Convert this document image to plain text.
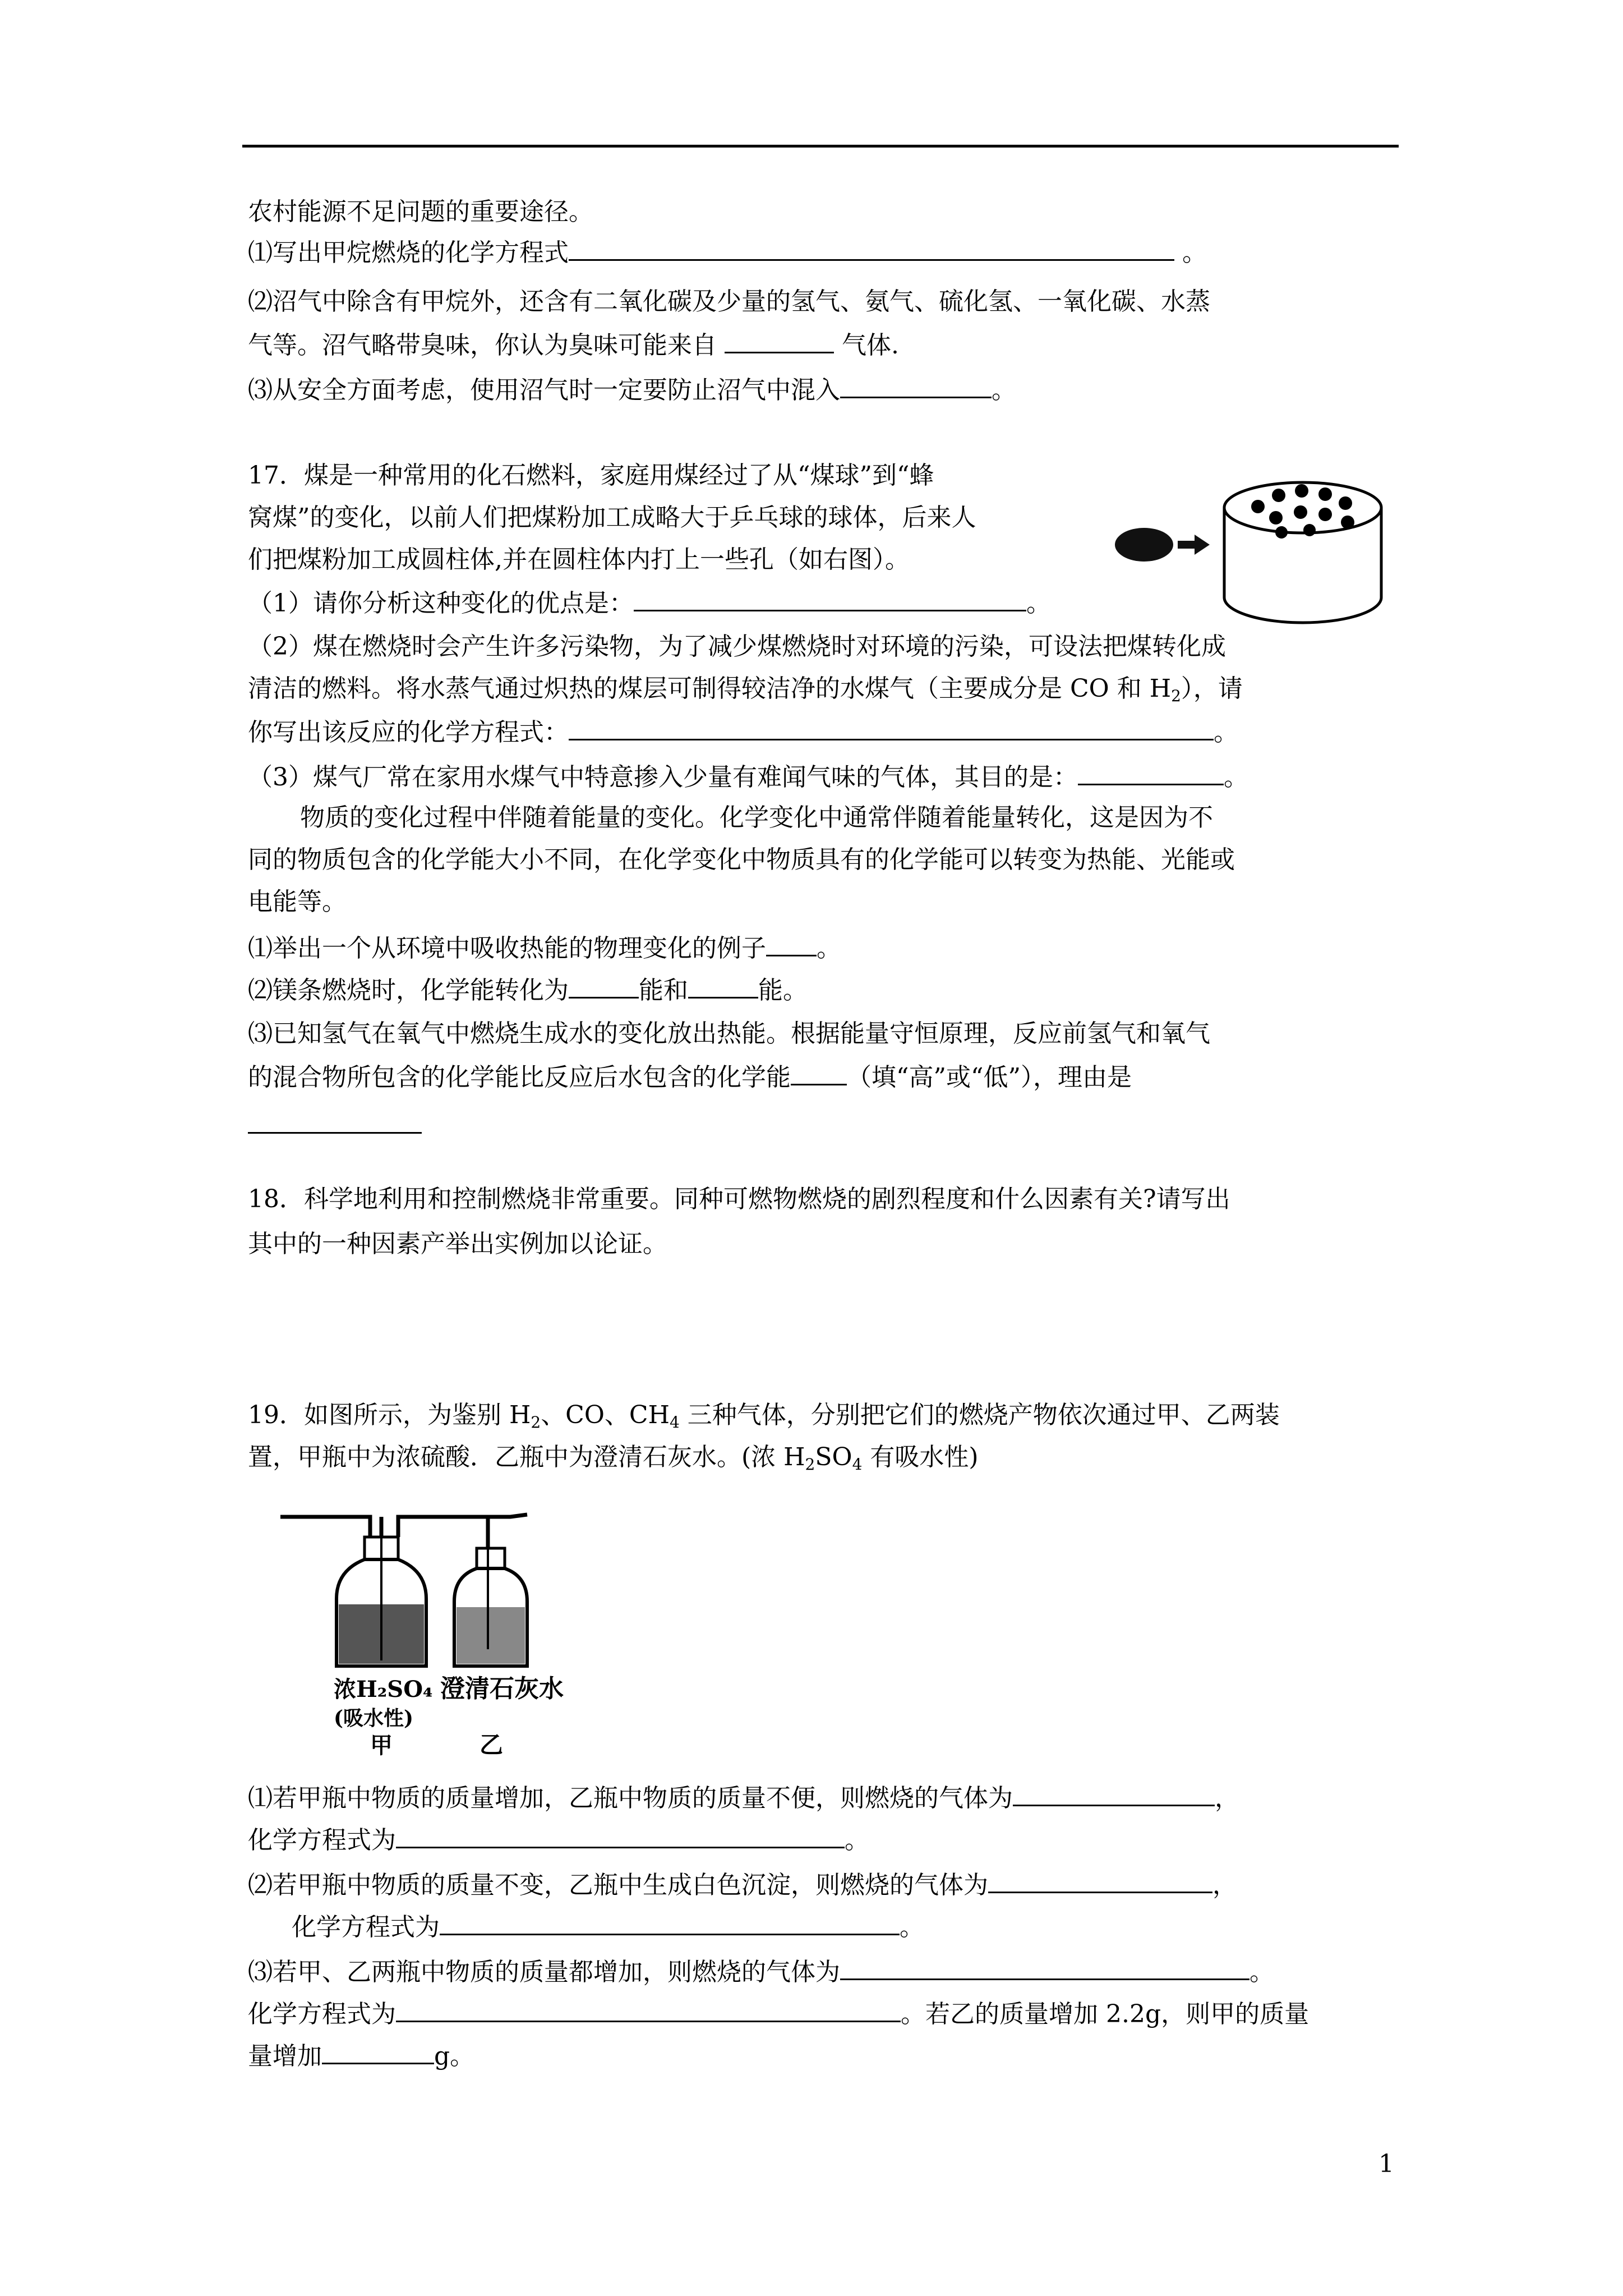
农村能源不足问题的重要途径。
⑴写出甲烷燃烧的化学方程式	。
⑵沼气中除含有甲烷外，还含有二氧化碳及少量的氢气、氨气、硫化氢、一氧化碳、水蒸
气等。沼气略带臭味，你认为臭味可能来自	气体.
⑶从安全方面考虑，使用沼气时一定要防止沼气中混入	。
17．煤是一种常用的化石燃料，家庭用煤经过了从“煤球”到“蜂
窝煤”的变化，以前人们把煤粉加工成略大于乒乓球的球体，后来人
们把煤粉加工成圆柱体,并在圆柱体内打上一些孔（如右图）。
（1）请你分析这种变化的优点是：	。
（2）煤在燃烧时会产生许多污染物，为了减少煤燃烧时对环境的污染，可设法把煤转化成
清洁的燃料。将水蒸气通过炽热的煤层可制得较洁净的水煤气（主要成分是 CO 和 $H_2$），请
你写出该反应的化学方程式：	。
（3）煤气厂常在家用水煤气中特意掺入少量有难闻气味的气体，其目的是：	。
物质的变化过程中伴随着能量的变化。化学变化中通常伴随着能量转化，这是因为不
同的物质包含的化学能大小不同，在化学变化中物质具有的化学能可以转变为热能、光能或
电能等。
⑴举出一个从环境中吸收热能的物理变化的例子 。
⑵镁条燃烧时，化学能转化为	能和	能。
⑶已知氢气在氧气中燃烧生成水的变化放出热能。根据能量守恒原理，反应前氢气和氧气
的混合物所包含的化学能比反应后水包含的化学能 （填“高”或“低”），理由是
18．科学地利用和控制燃烧非常重要。同种可燃物燃烧的剧烈程度和什么因素有关?请写出
其中的一种因素产举出实例加以论证。
19．如图所示，为鉴别 $H_2$、CO、$CH_4$ 三种气体，分别把它们的燃烧产物依次通过甲、乙两装
置，甲瓶中为浓硫酸．乙瓶中为澄清石灰水。(浓 $H_2SO_4$ 有吸水性)
⑴若甲瓶中物质的质量增加，乙瓶中物质的质量不便，则燃烧的气体为	，
化学方程式为	。
⑵若甲瓶中物质的质量不变，乙瓶中生成白色沉淀，则燃烧的气体为	，
化学方程式为	。
⑶若甲、乙两瓶中物质的质量都增加，则燃烧的气体为	。
化学方程式为	。若乙的质量增加 2.2g，则甲的质量
量增加	g。
浓H₂SO₄
(吸水性)
甲
澄清石灰水
乙
1
